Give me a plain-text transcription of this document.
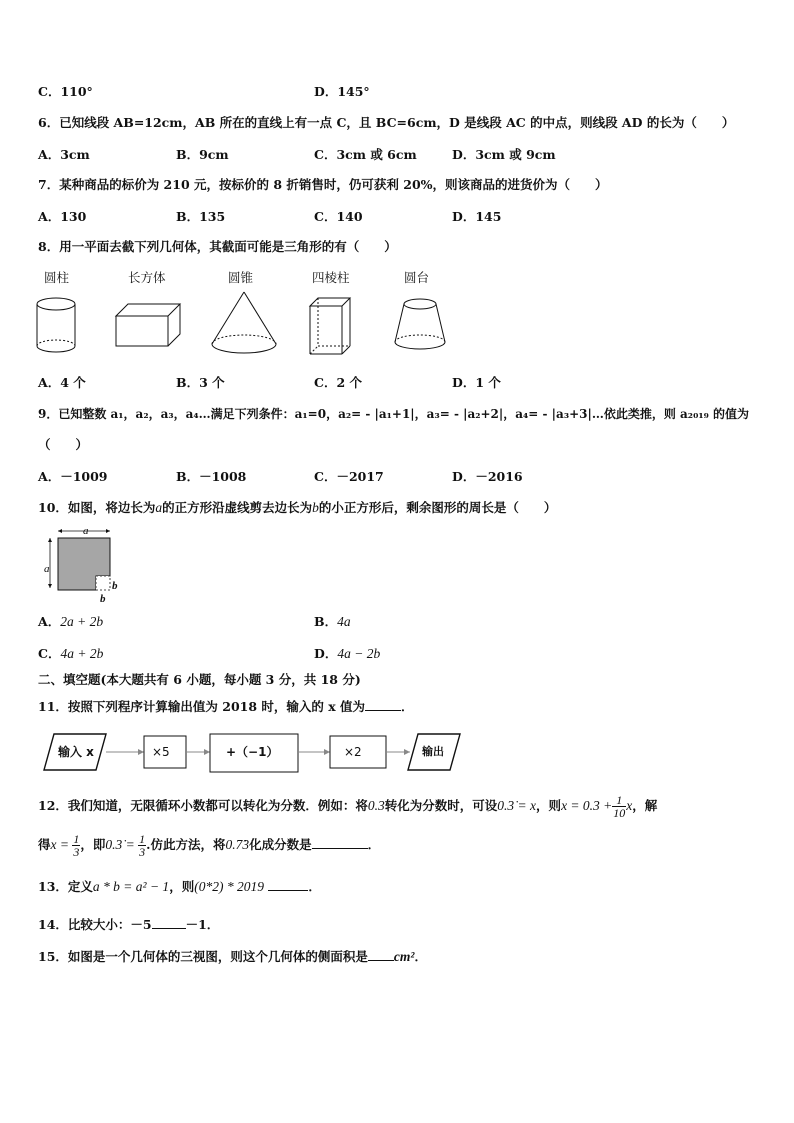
C．110°	D．145°
6．已知线段 AB=12cm，AB 所在的直线上有一点 C，且 BC=6cm，D 是线段 AC 的中点，则线段 AD 的长为（　　）
A．3cm	B．9cm	C．3cm 或 6cm	D．3cm 或 9cm
7．某种商品的标价为 210 元，按标价的 8 折销售时，仍可获利 20%，则该商品的进货价为（　　）
A．130	B．135	C．140	D．145
8．用一平面去截下列几何体，其截面可能是三角形的有（　　）
圆柱	长方体	圆锥	四棱柱	圆台
A．4 个	B．3 个	C．2 个	D．1 个
9．已知整数 a₁，a₂，a₃，a₄…满足下列条件：a₁=0，a₂= - |a₁+1|，a₃= - |a₂+2|，a₄= - |a₃+3|…依此类推，则 a₂₀₁₉ 的值为
（　　）
A．－1009	B．－1008	C．－2017	D．－2016
10．如图，将边长为a的正方形沿虚线剪去边长为b的小正方形后，剩余图形的周长是（　　）
a
a
b
b
A．2a + 2b	B．4a
C．4a + 2b	D．4a − 2b
二、填空题(本大题共有 6 小题，每小题 3 分，共 18 分)
11．按照下列程序计算输出值为 2018 时，输入的 x 值为	．
输入 x	×5	+（−1）	×2	输出
12．我们知道，无限循环小数都可以转化为分数．例如：将0.3̇转化为分数时，可设0.3̇ = x，则$x = 0.3 + \frac{1}{10}$ x，解
得$x = \frac{1}{3}$ ，即0.3̇ = $\frac{1}{3}$ .仿此方法，将0.7̇3̇化成分数是	．
13．定义a * b = a² − 1，则(0*2) * 2019	．
14．比较大小：－5	－1．
15．如图是一个几何体的三视图，则这个几何体的侧面积是 cm²．
